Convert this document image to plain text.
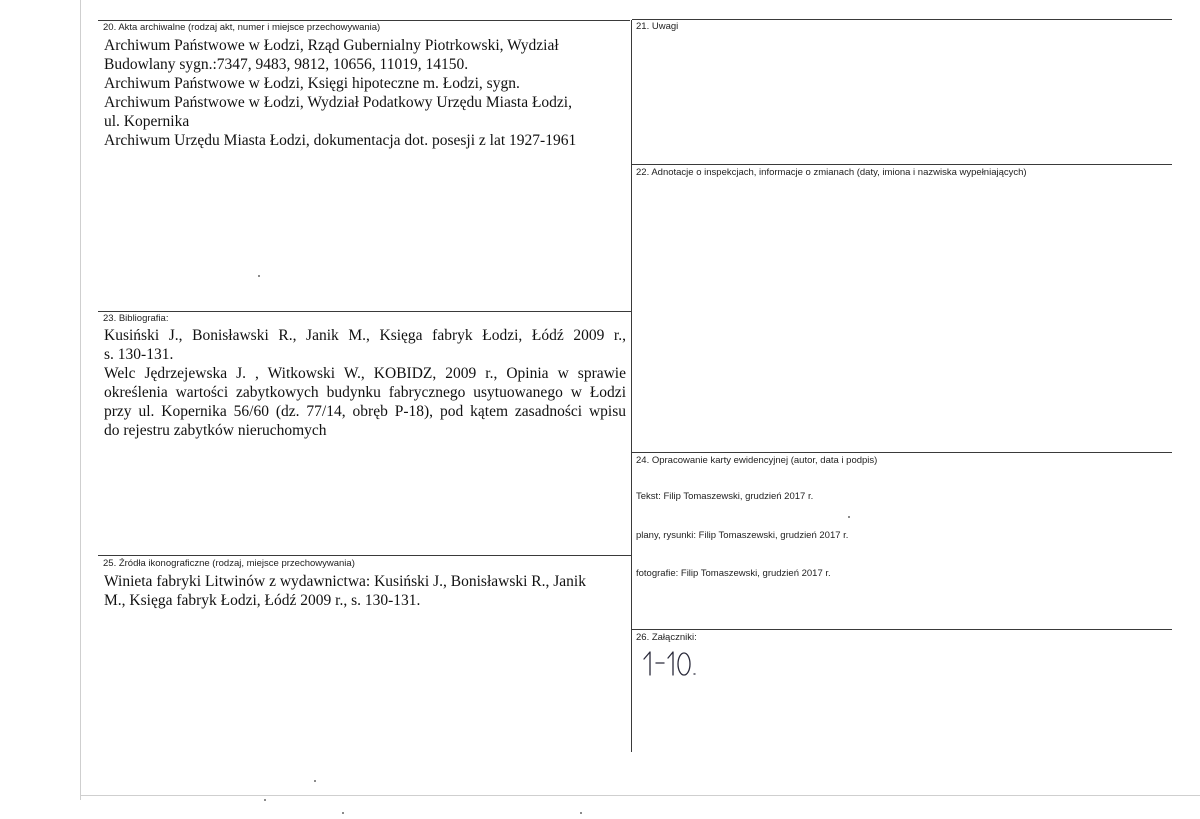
20. Akta archiwalne (rodzaj akt, numer i miejsce przechowywania)
Archiwum Państwowe w Łodzi, Rząd Gubernialny Piotrkowski, Wydział
Budowlany sygn.:7347, 9483, 9812, 10656, 11019, 14150.
Archiwum Państwowe w Łodzi, Księgi hipoteczne m. Łodzi, sygn.
Archiwum Państwowe w Łodzi, Wydział Podatkowy Urzędu Miasta Łodzi,
ul. Kopernika
Archiwum Urzędu Miasta Łodzi, dokumentacja dot. posesji z lat 1927-1961
23. Bibliografia:
Kusiński J., Bonisławski R., Janik M., Księga fabryk Łodzi, Łódź 2009 r.,
s. 130-131.
Welc Jędrzejewska J. , Witkowski W., KOBIDZ, 2009 r., Opinia w sprawie
określenia wartości zabytkowych budynku fabrycznego usytuowanego w Łodzi
przy ul. Kopernika 56/60 (dz. 77/14, obręb P-18), pod kątem zasadności wpisu
do rejestru zabytków nieruchomych
25. Źródła ikonograficzne (rodzaj, miejsce przechowywania)
Winieta fabryki Litwinów z wydawnictwa: Kusiński J., Bonisławski R., Janik
M., Księga fabryk Łodzi, Łódź 2009 r., s. 130-131.
21. Uwagi
22. Adnotacje o inspekcjach, informacje o zmianach (daty, imiona i nazwiska wypełniających)
24. Opracowanie karty ewidencyjnej (autor, data i podpis)
Tekst: Filip Tomaszewski, grudzień 2017 r.
plany, rysunki: Filip Tomaszewski, grudzień 2017 r.
fotografie: Filip Tomaszewski, grudzień 2017 r.
26. Załączniki:
